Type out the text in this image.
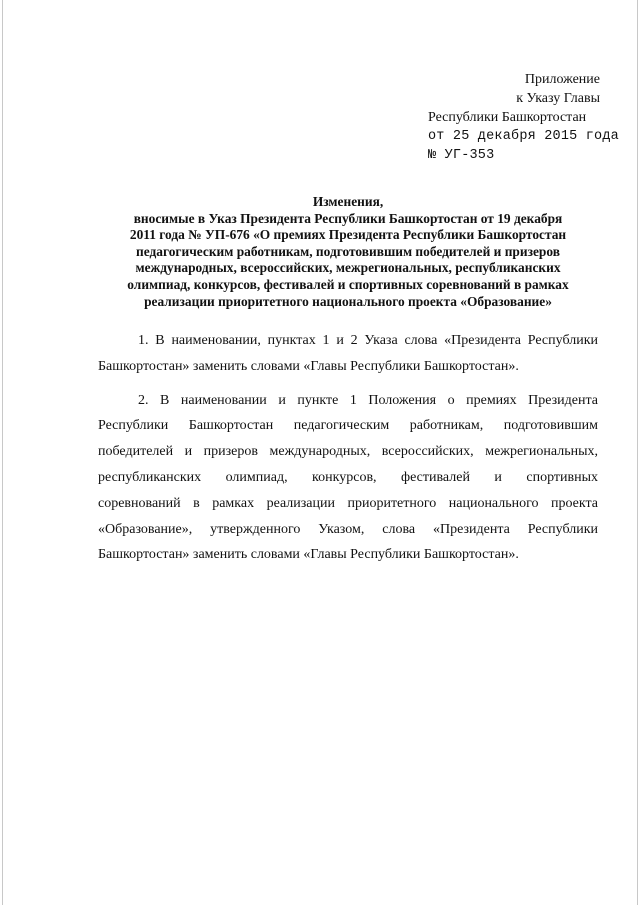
Приложение
к Указу Главы
Республики Башкортостан
от 25 декабря 2015 года
№ УГ-353
Изменения,
вносимые в Указ Президента Республики Башкортостан от 19 декабря
2011 года № УП-676 «О премиях Президента Республики Башкортостан
педагогическим работникам, подготовившим победителей и призеров
международных, всероссийских, межрегиональных, республиканских
олимпиад, конкурсов, фестивалей и спортивных соревнований в рамках
реализации приоритетного национального проекта «Образование»
1. В наименовании, пунктах 1 и 2 Указа слова «Президента Республики
Башкортостан» заменить словами «Главы Республики Башкортостан».
2. В наименовании и пункте 1 Положения о премиях Президента
Республики Башкортостан педагогическим работникам, подготовившим
победителей и призеров международных, всероссийских, межрегиональных,
республиканских олимпиад, конкурсов, фестивалей и спортивных
соревнований в рамках реализации приоритетного национального проекта
«Образование», утвержденного Указом, слова «Президента Республики
Башкортостан» заменить словами «Главы Республики Башкортостан».
